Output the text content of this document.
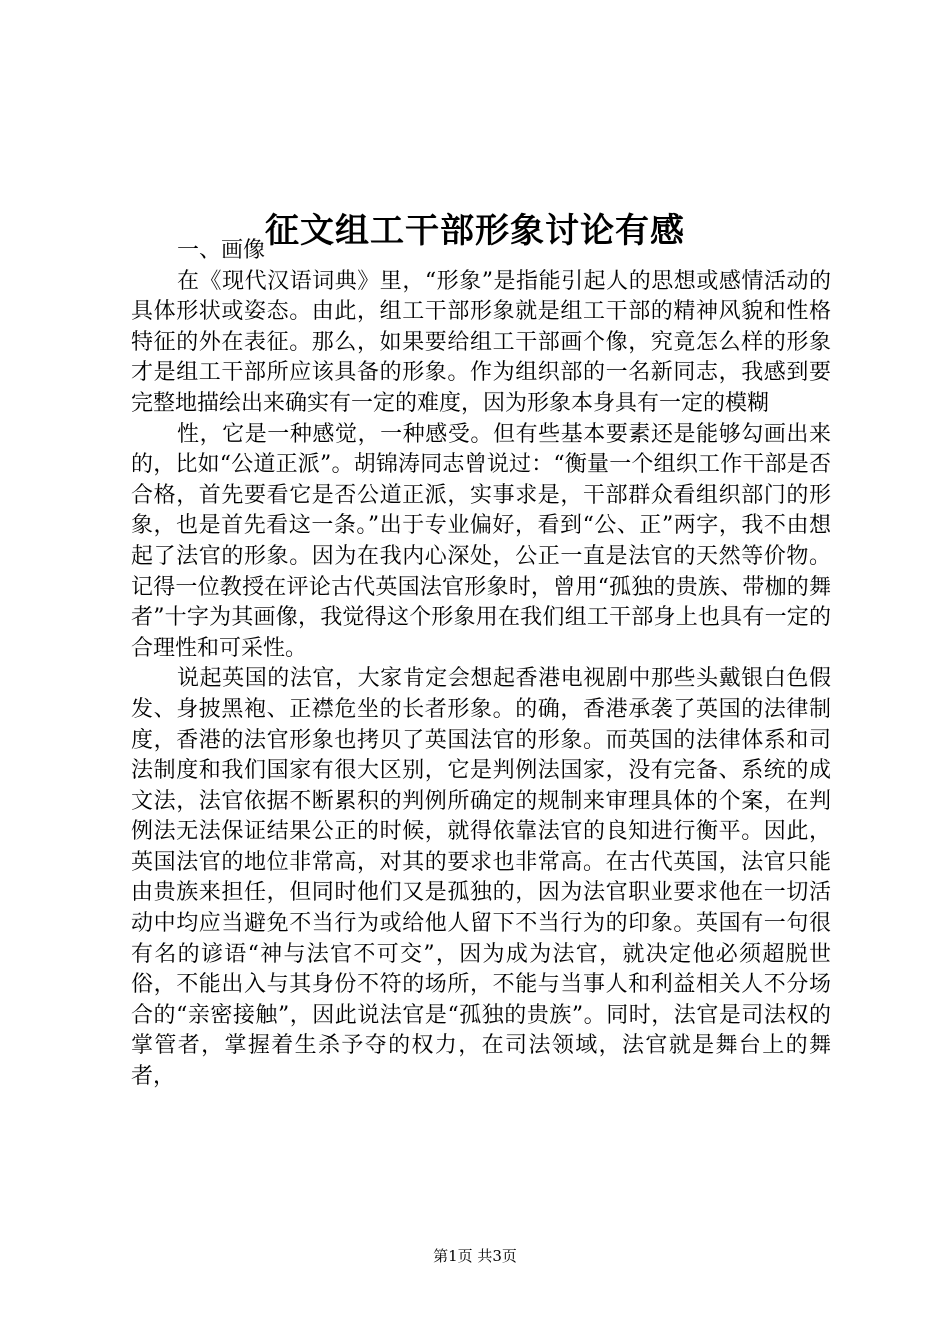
征文组工干部形象讨论有感

一、画像

在《现代汉语词典》里，“形象”是指能引起人的思想或感情活动的具体形状或姿态。由此，组工干部形象就是组工干部的精神风貌和性格特征的外在表征。那么，如果要给组工干部画个像，究竟怎么样的形象才是组工干部所应该具备的形象。作为组织部的一名新同志，我感到要完整地描绘出来确实有一定的难度，因为形象本身具有一定的模糊

性，它是一种感觉，一种感受。但有些基本要素还是能够勾画出来的，比如“公道正派”。胡锦涛同志曾说过：“衡量一个组织工作干部是否合格，首先要看它是否公道正派，实事求是，干部群众看组织部门的形象，也是首先看这一条。”出于专业偏好，看到“公、正”两字，我不由想起了法官的形象。因为在我内心深处，公正一直是法官的天然等价物。记得一位教授在评论古代英国法官形象时，曾用“孤独的贵族、带枷的舞者”十字为其画像，我觉得这个形象用在我们组工干部身上也具有一定的合理性和可采性。

说起英国的法官，大家肯定会想起香港电视剧中那些头戴银白色假发、身披黑袍、正襟危坐的长者形象。的确，香港承袭了英国的法律制度，香港的法官形象也拷贝了英国法官的形象。而英国的法律体系和司法制度和我们国家有很大区别，它是判例法国家，没有完备、系统的成文法，法官依据不断累积的判例所确定的规制来审理具体的个案，在判例法无法保证结果公正的时候，就得依靠法官的良知进行衡平。因此，英国法官的地位非常高，对其的要求也非常高。在古代英国，法官只能由贵族来担任，但同时他们又是孤独的，因为法官职业要求他在一切活动中均应当避免不当行为或给他人留下不当行为的印象。英国有一句很有名的谚语“神与法官不可交”，因为成为法官，就决定他必须超脱世俗，不能出入与其身份不符的场所，不能与当事人和利益相关人不分场合的“亲密接触”，因此说法官是“孤独的贵族”。同时，法官是司法权的掌管者，掌握着生杀予夺的权力，在司法领域，法官就是舞台上的舞者，

第1页 共3页
